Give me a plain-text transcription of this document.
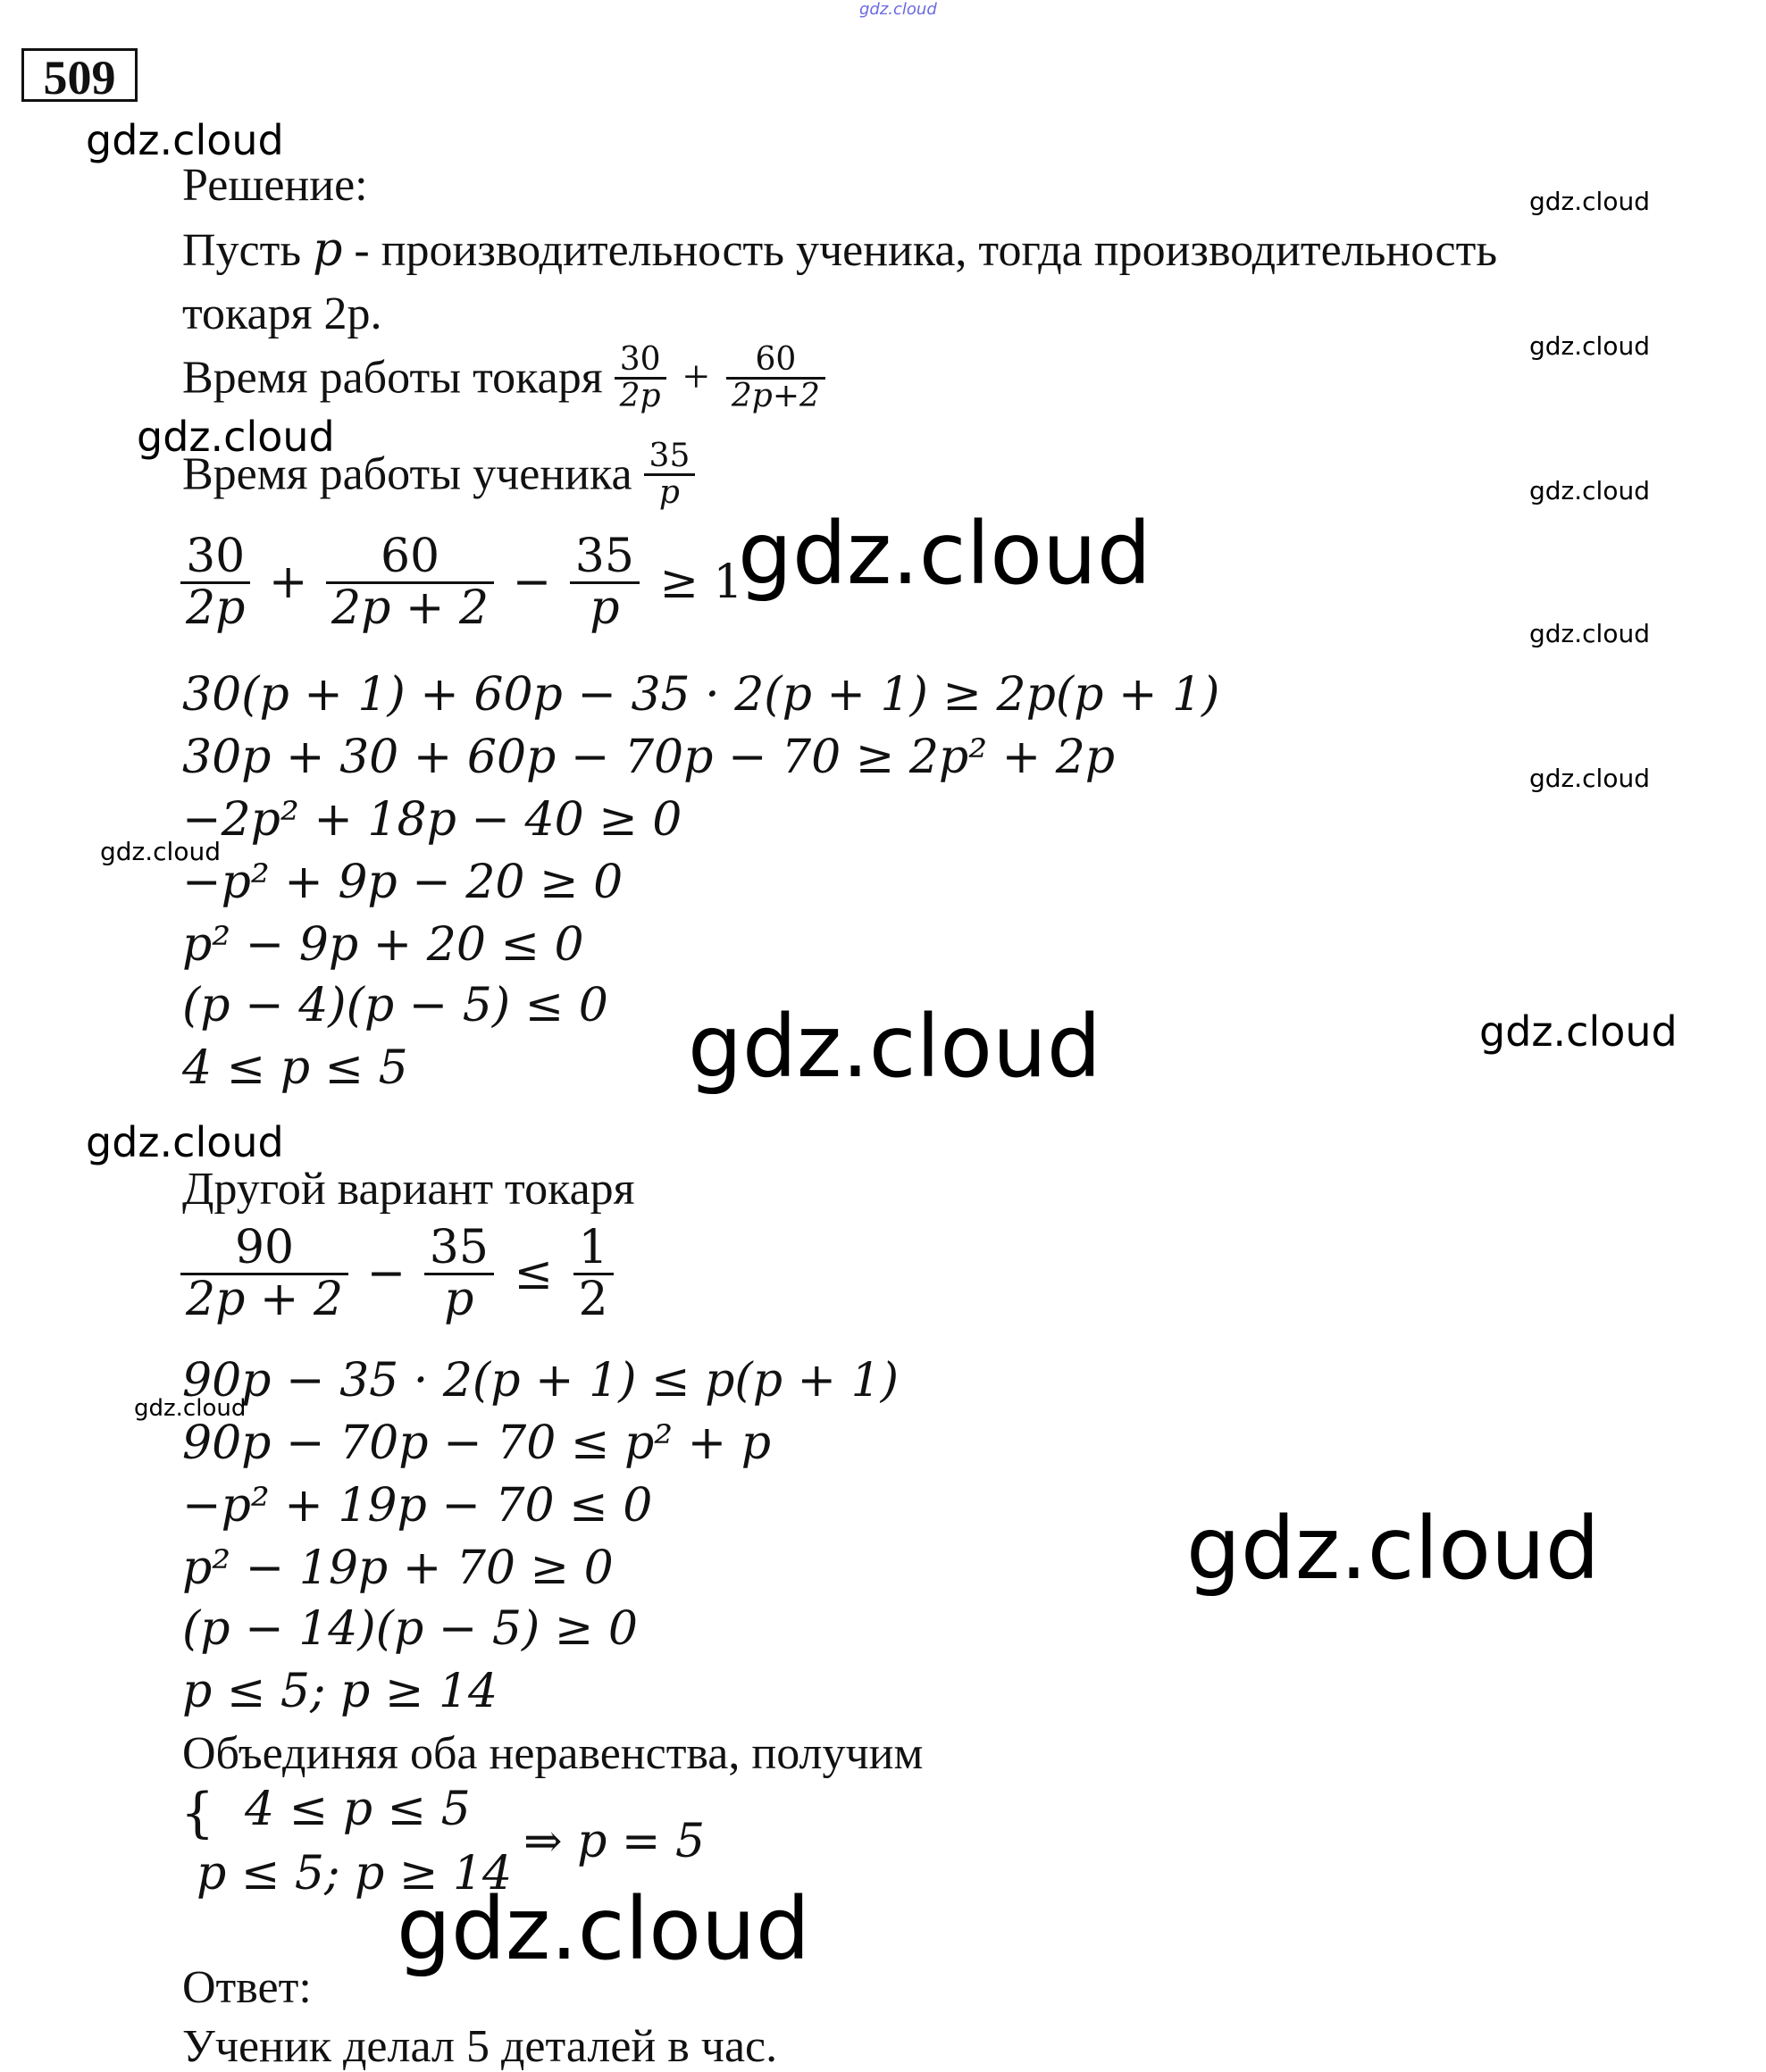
gdz.cloud
509
gdz.cloud
gdz.cloud
gdz.cloud
gdz.cloud
gdz.cloud
gdz.cloud
gdz.cloud
gdz.cloud
gdz.cloud
gdz.cloud
gdz.cloud
gdz.cloud
gdz.cloud
gdz.cloud
gdz.cloud
Решение:
Пусть p - производительность ученика, тогда производительность
токаря 2p.
Время работы токаря $\frac{30}{2p} + \frac{60}{2p+2}$
Время работы ученика $\frac{35}{p}$
$\frac{30}{2p} + \frac{60}{2p + 2} - \frac{35}{p} \ge 1$
30(p + 1) + 60p − 35 · 2(p + 1) ≥ 2p(p + 1)
30p + 30 + 60p − 70p − 70 ≥ 2p² + 2p
−2p² + 18p − 40 ≥ 0
−p² + 9p − 20 ≥ 0
p² − 9p + 20 ≤ 0
(p − 4)(p − 5) ≤ 0
4 ≤ p ≤ 5
Другой вариант токаря
$\frac{90}{2p + 2} - \frac{35}{p} \le \frac{1}{2}$
90p − 35 · 2(p + 1) ≤ p(p + 1)
90p − 70p − 70 ≤ p² + p
−p² + 19p − 70 ≤ 0
p² − 19p + 70 ≥ 0
(p − 14)(p − 5) ≥ 0
p ≤ 5; p ≥ 14
Объединяя оба неравенства, получим
{ 4 ≤ p ≤ 5
p ≤ 5; p ≥ 14
⇒ p = 5
Ответ:
Ученик делал 5 деталей в час.
